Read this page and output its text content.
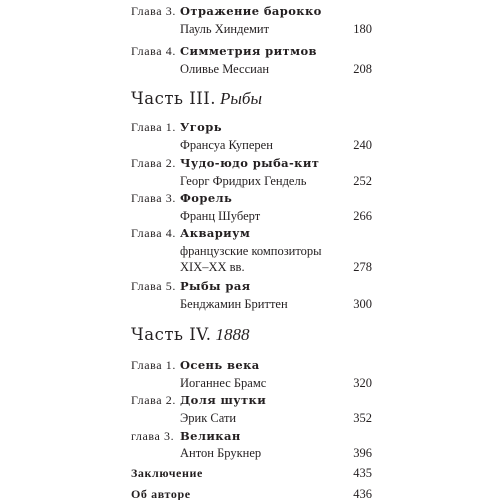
Глава 3. Отражение барокко
Пауль Хиндемит	180
Глава 4. Симметрия ритмов
Оливье Мессиан	208
Часть III. Рыбы
Глава 1. Угорь
Франсуа Куперен	240
Глава 2. Чудо-юдо рыба-кит
Георг Фридрих Гендель	252
Глава 3. Форель
Франц Шуберт	266
Глава 4. Аквариум
французские композиторы
XIX–XX вв.	278
Глава 5. Рыбы рая
Бенджамин Бриттен	300
Часть IV. 1888
Глава 1. Осень века
Иоганнес Брамс	320
Глава 2. Доля шутки
Эрик Сати	352
глава 3. Великан
Антон Брукнер	396
Заключение	435
Об авторе	436
